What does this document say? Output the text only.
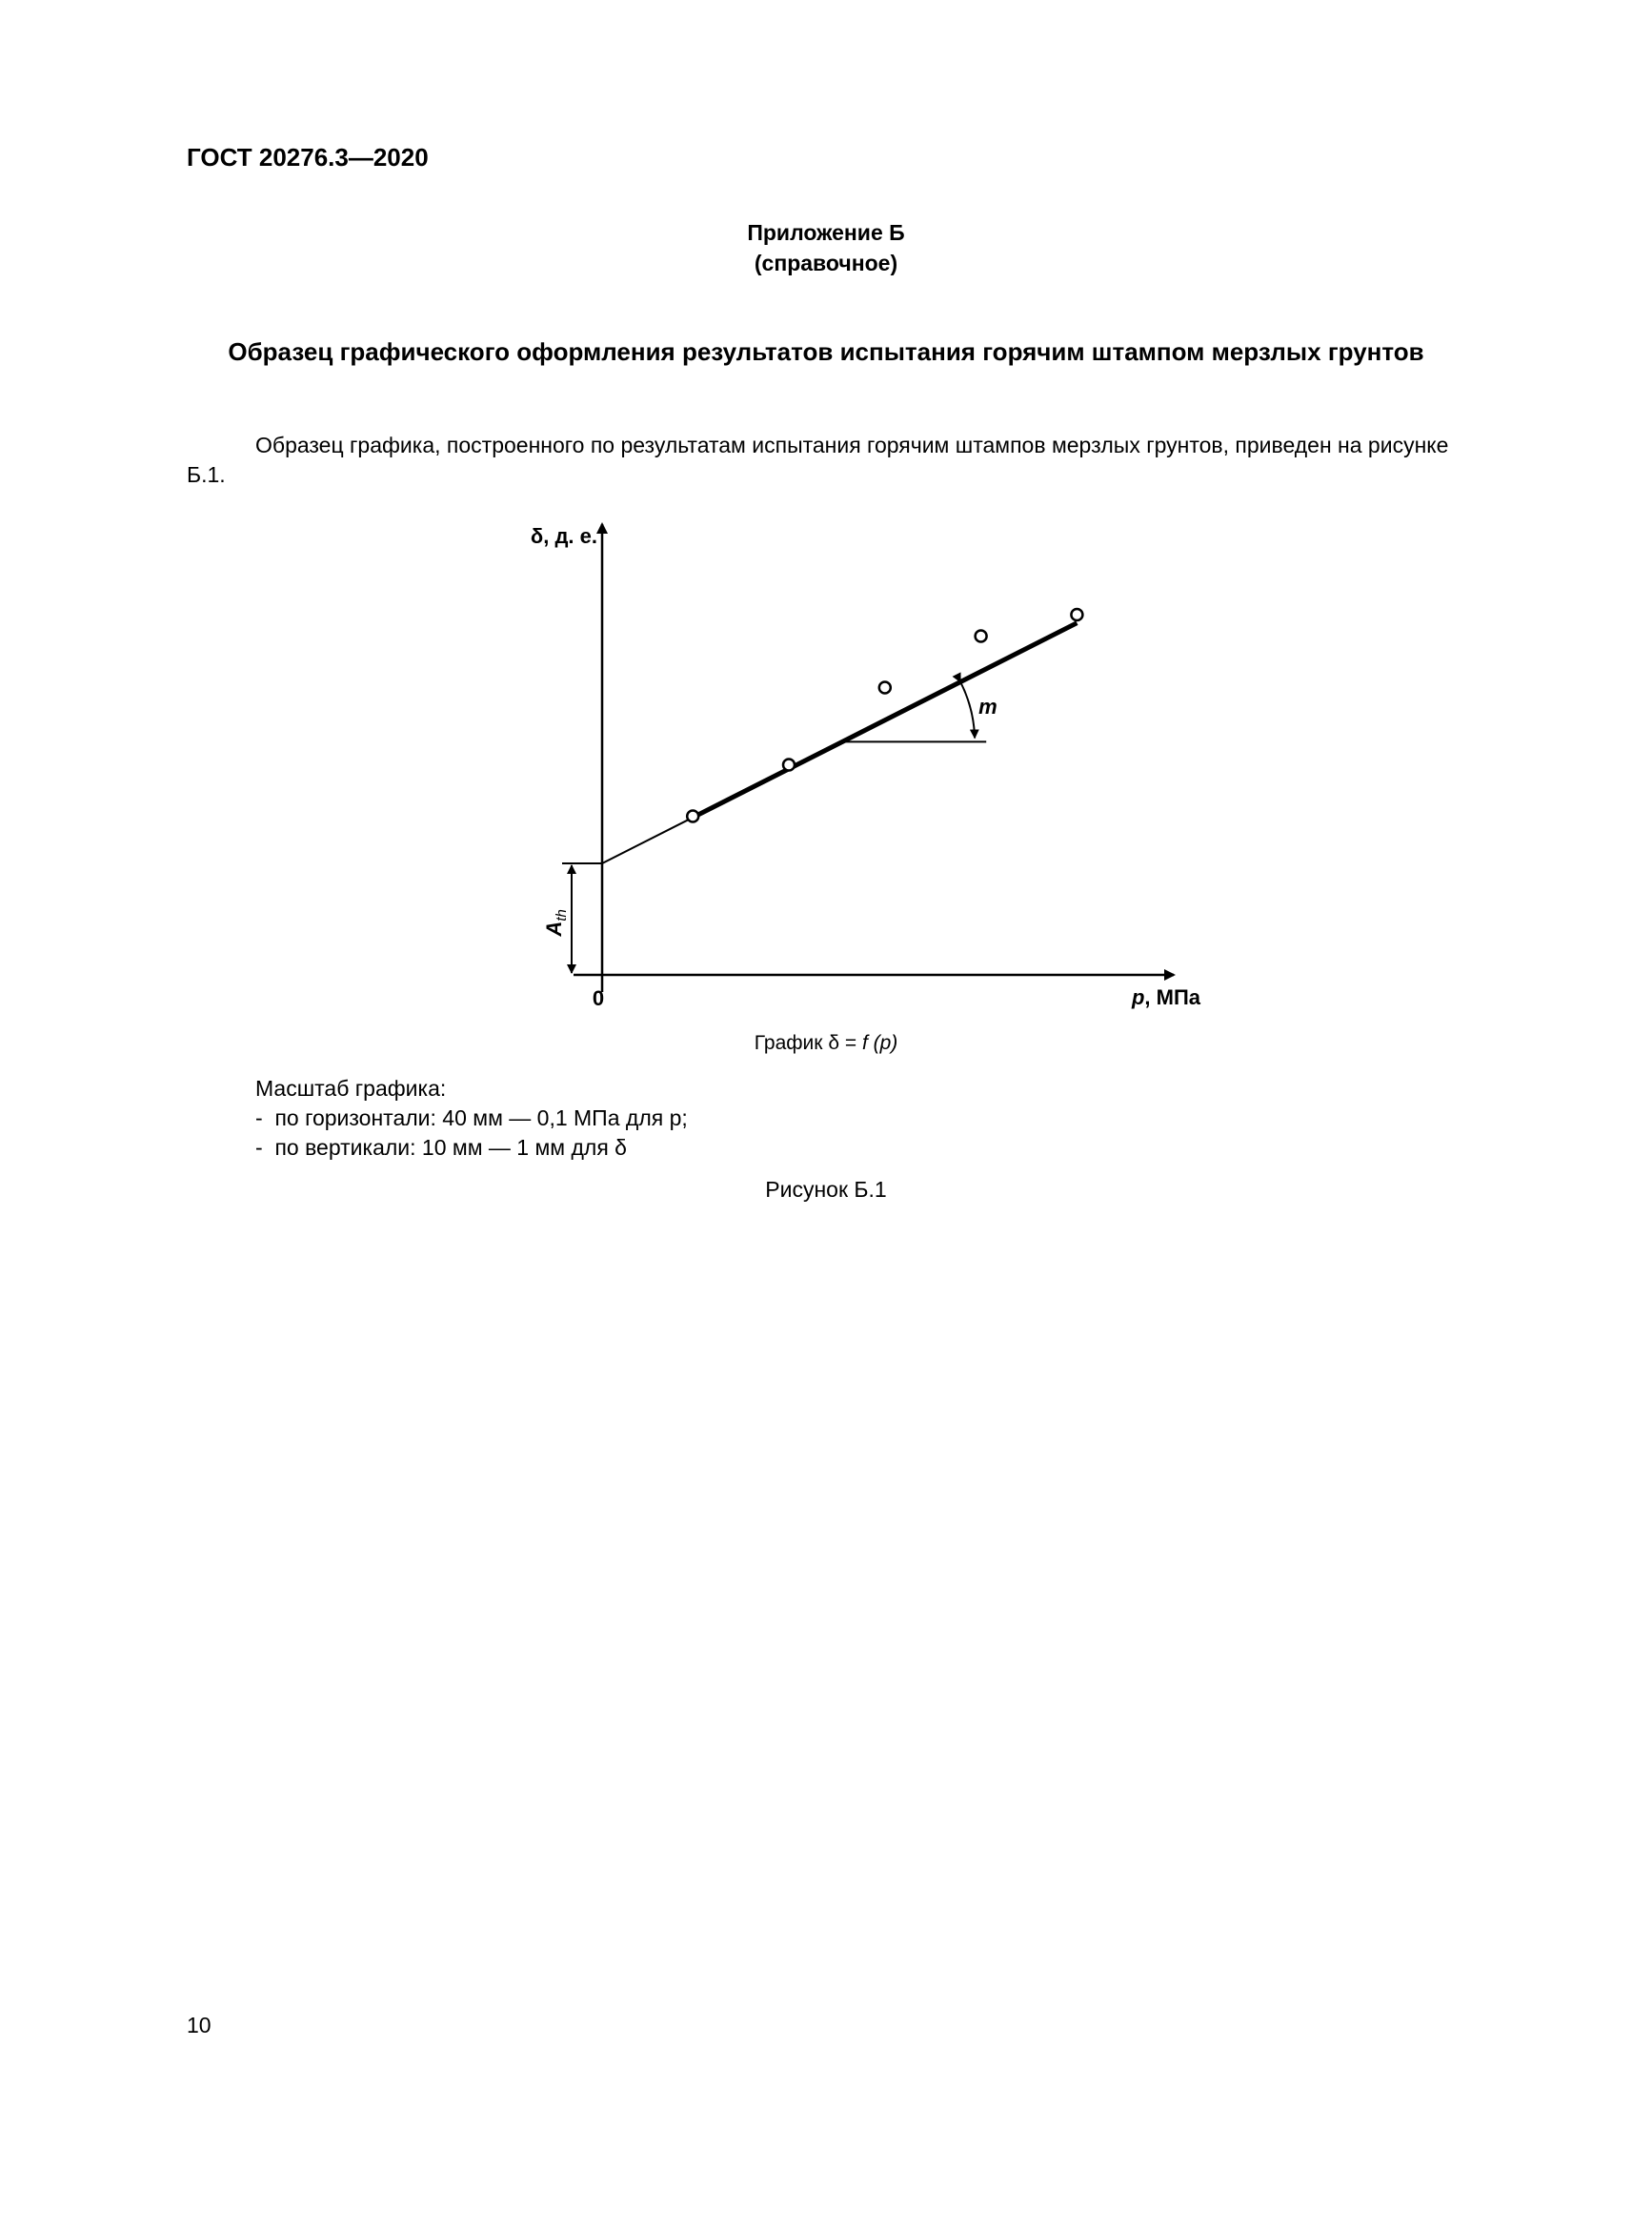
ГОСТ 20276.3—2020
Приложение Б
(справочное)
Образец графического оформления результатов испытания горячим штампом мерзлых грунтов
Образец графика, построенного по результатам испытания горячим штампов мерзлых грунтов, приведен на рисунке Б.1.
δ, д. е.
p, МПа
0
m
$A_{th}$
График δ = f (p)
Масштаб графика:
-  по горизонтали: 40 мм — 0,1 МПа для p;
-  по вертикали: 10 мм — 1 мм для δ
Рисунок Б.1
10
